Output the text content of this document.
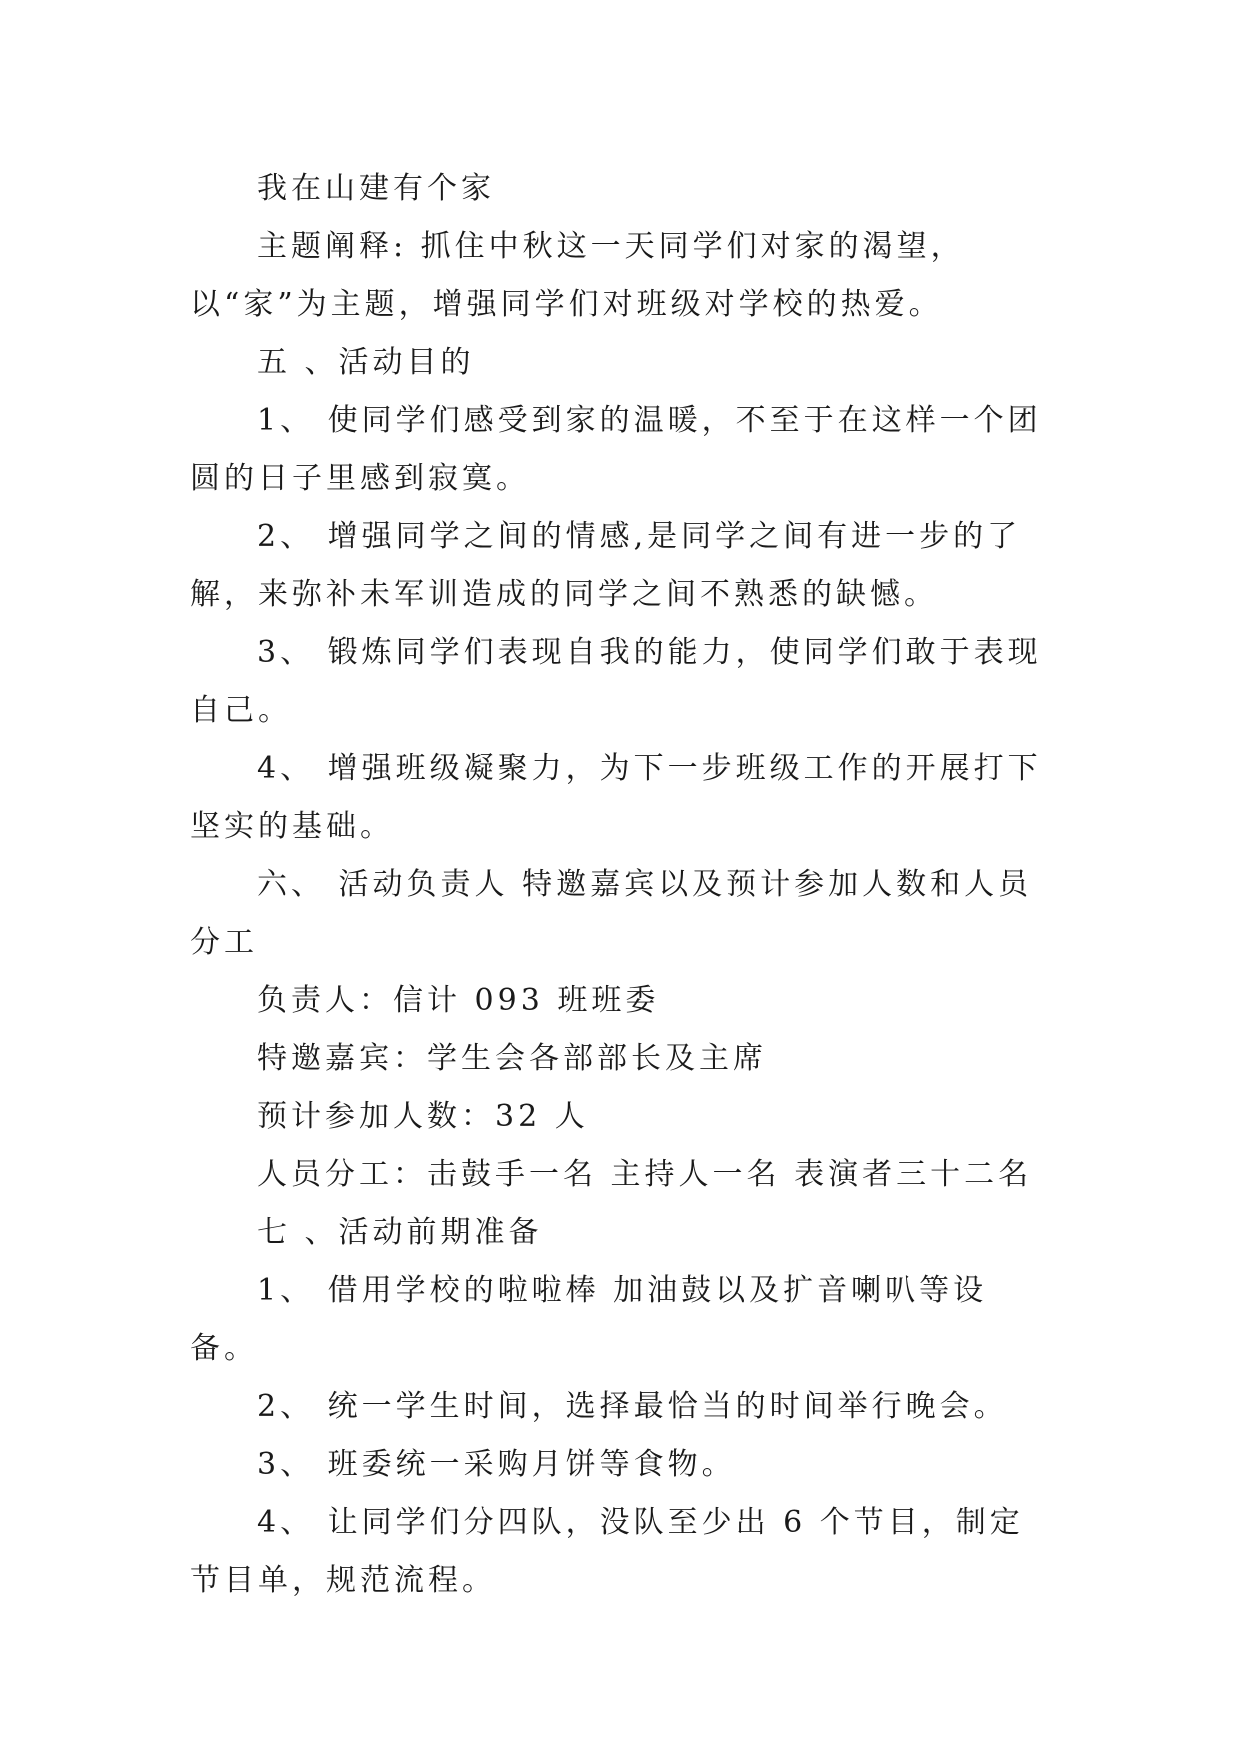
我在山建有个家

主题阐释: 抓住中秋这一天同学们对家的渴望，以“家”为主题，增强同学们对班级对学校的热爱。

五 、活动目的

1、 使同学们感受到家的温暖，不至于在这样一个团圆的日子里感到寂寞。

2、 增强同学之间的情感,是同学之间有进一步的了解，来弥补未军训造成的同学之间不熟悉的缺憾。

3、 锻炼同学们表现自我的能力，使同学们敢于表现自己。

4、 增强班级凝聚力，为下一步班级工作的开展打下坚实的基础。

六、 活动负责人 特邀嘉宾以及预计参加人数和人员分工

负责人：信计 093 班班委

特邀嘉宾：学生会各部部长及主席

预计参加人数：32 人

人员分工：击鼓手一名 主持人一名 表演者三十二名

七 、活动前期准备

1、 借用学校的啦啦棒 加油鼓以及扩音喇叭等设备。

2、 统一学生时间，选择最恰当的时间举行晚会。

3、 班委统一采购月饼等食物。

4、 让同学们分四队，没队至少出 6 个节目，制定节目单，规范流程。
